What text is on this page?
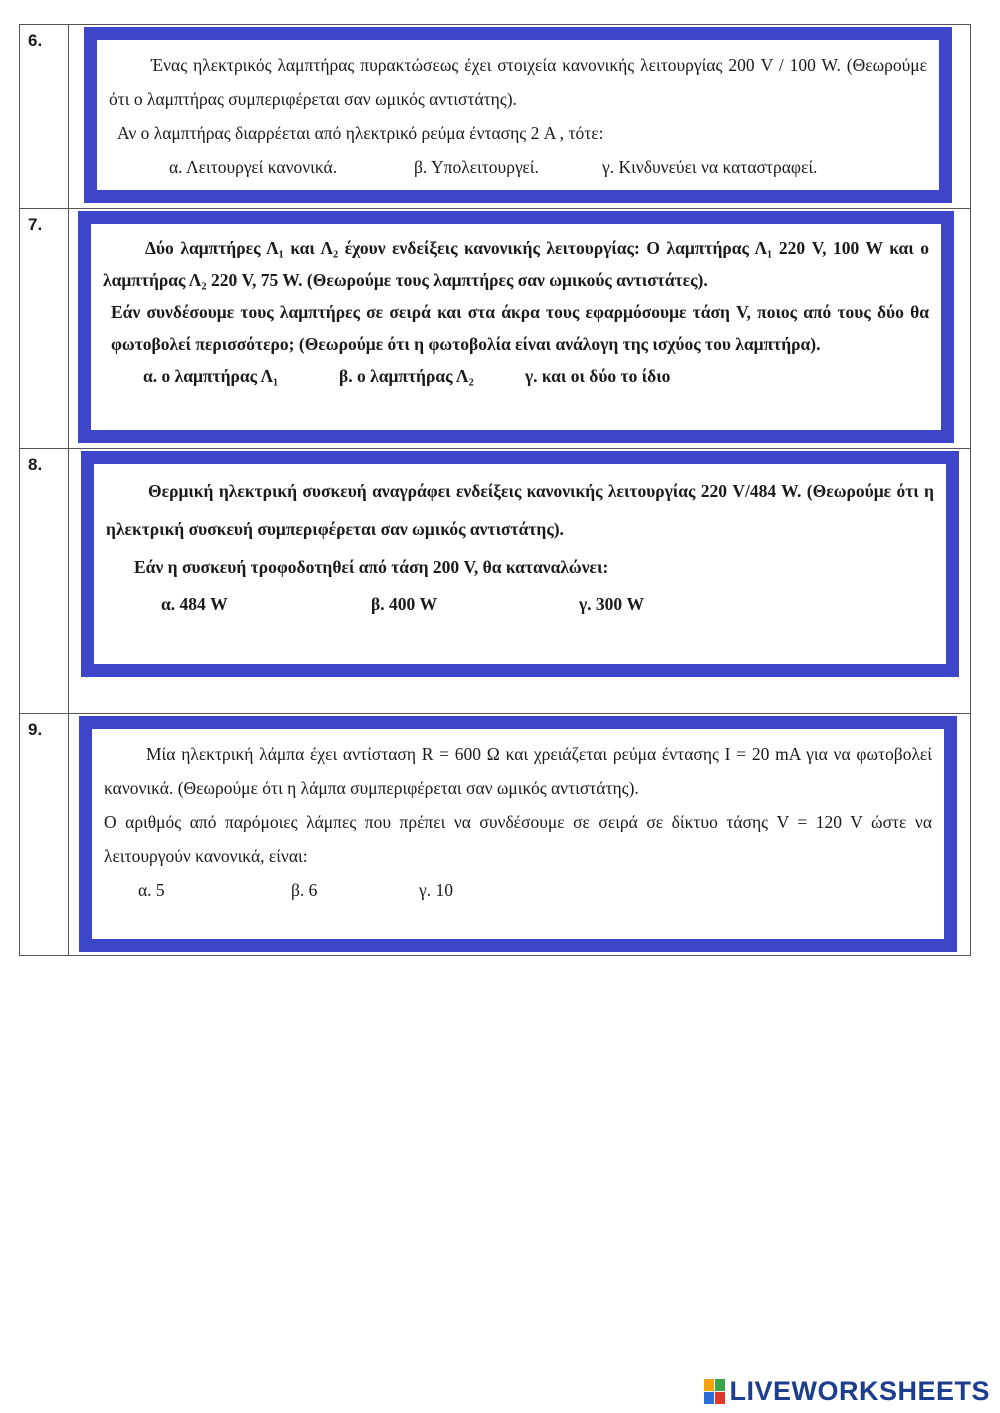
6.	Ένας ηλεκτρικός λαμπτήρας πυρακτώσεως έχει στοιχεία κανονικής λειτουργίας 200 V / 100 W. (Θεωρούμε ότι ο λαμπτήρας συμπεριφέρεται σαν ωμικός αντιστάτης).

Αν ο λαμπτήρας διαρρέεται από ηλεκτρικό ρεύμα έντασης 2 A , τότε:

α. Λειτουργεί κανονικά. β. Υπολειτουργεί. γ. Κινδυνεύει να καταστραφεί.

7.	Δύο λαμπτήρες Λ₁ και Λ₂ έχουν ενδείξεις κανονικής λειτουργίας: Ο λαμπτήρας Λ₁ 220 V, 100 W και ο λαμπτήρας Λ₂ 220 V, 75 W. (Θεωρούμε τους λαμπτήρες σαν ωμικούς αντιστάτες).

Εάν συνδέσουμε τους λαμπτήρες σε σειρά και στα άκρα τους εφαρμόσουμε τάση V, ποιος από τους δύο θα φωτοβολεί περισσότερο; (Θεωρούμε ότι η φωτοβολία είναι ανάλογη της ισχύος του λαμπτήρα).

α. ο λαμπτήρας Λ₁ β. ο λαμπτήρας Λ₂ γ. και οι δύο το ίδιο

8.	Θερμική ηλεκτρική συσκευή αναγράφει ενδείξεις κανονικής λειτουργίας 220 V/484 W. (Θεωρούμε ότι η ηλεκτρική συσκευή συμπεριφέρεται σαν ωμικός αντιστάτης).

Εάν η συσκευή τροφοδοτηθεί από τάση 200 V, θα καταναλώνει:

α. 484 W β. 400 W γ. 300 W

9.	Μία ηλεκτρική λάμπα έχει αντίσταση R = 600 Ω και χρειάζεται ρεύμα έντασης I = 20 mA για να φωτοβολεί κανονικά. (Θεωρούμε ότι η λάμπα συμπεριφέρεται σαν ωμικός αντιστάτης).

Ο αριθμός από παρόμοιες λάμπες που πρέπει να συνδέσουμε σε σειρά σε δίκτυο τάσης V = 120 V ώστε να λειτουργούν κανονικά, είναι:

α. 5 β. 6 γ. 10
LIVEWORKSHEETS
